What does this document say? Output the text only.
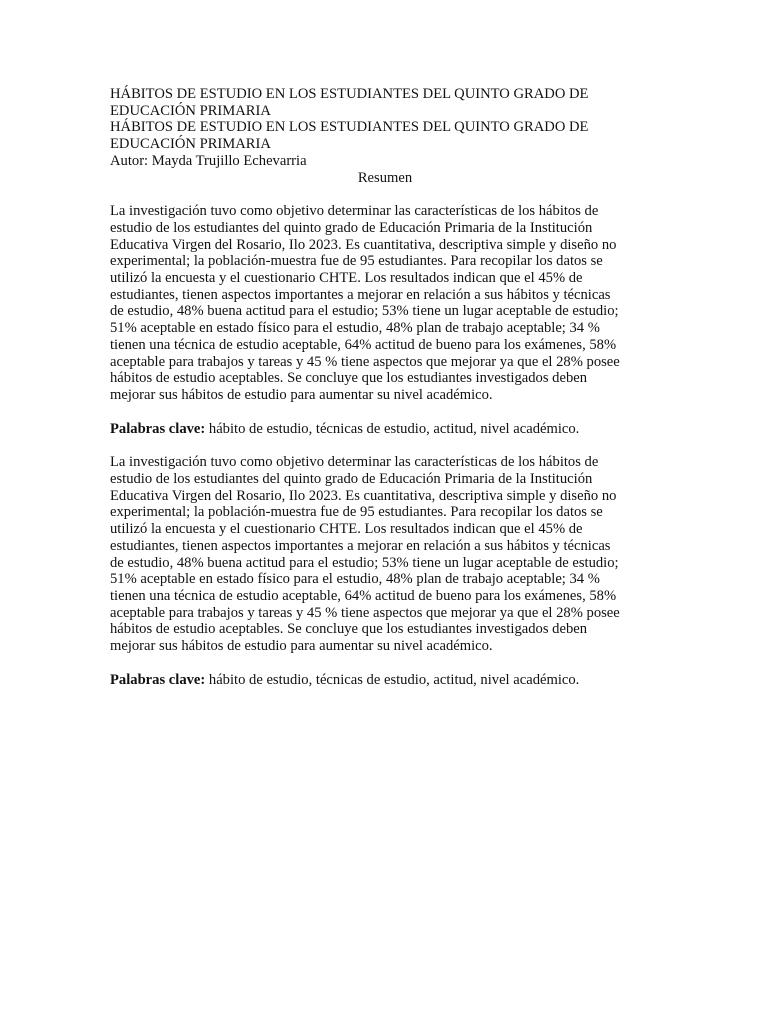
HÁBITOS DE ESTUDIO EN LOS ESTUDIANTES DEL QUINTO GRADO DE
EDUCACIÓN PRIMARIA
HÁBITOS DE ESTUDIO EN LOS ESTUDIANTES DEL QUINTO GRADO DE
EDUCACIÓN PRIMARIA
Autor: Mayda Trujillo Echevarria
Resumen
La investigación tuvo como objetivo determinar las características de los hábitos de
estudio de los estudiantes del quinto grado de Educación Primaria de la Institución
Educativa Virgen del Rosario, Ilo 2023. Es cuantitativa, descriptiva simple y diseño no
experimental; la población-muestra fue de 95 estudiantes. Para recopilar los datos se
utilizó la encuesta y el cuestionario CHTE. Los resultados indican que el 45% de
estudiantes, tienen aspectos importantes a mejorar en relación a sus hábitos y técnicas
de estudio, 48% buena actitud para el estudio; 53% tiene un lugar aceptable de estudio;
51% aceptable en estado físico para el estudio, 48% plan de trabajo aceptable; 34 %
tienen una técnica de estudio aceptable, 64% actitud de bueno para los exámenes, 58%
aceptable para trabajos y tareas y 45 % tiene aspectos que mejorar ya que el 28% posee
hábitos de estudio aceptables. Se concluye que los estudiantes investigados deben
mejorar sus hábitos de estudio para aumentar su nivel académico.
Palabras clave: hábito de estudio, técnicas de estudio, actitud, nivel académico.
La investigación tuvo como objetivo determinar las características de los hábitos de
estudio de los estudiantes del quinto grado de Educación Primaria de la Institución
Educativa Virgen del Rosario, Ilo 2023. Es cuantitativa, descriptiva simple y diseño no
experimental; la población-muestra fue de 95 estudiantes. Para recopilar los datos se
utilizó la encuesta y el cuestionario CHTE. Los resultados indican que el 45% de
estudiantes, tienen aspectos importantes a mejorar en relación a sus hábitos y técnicas
de estudio, 48% buena actitud para el estudio; 53% tiene un lugar aceptable de estudio;
51% aceptable en estado físico para el estudio, 48% plan de trabajo aceptable; 34 %
tienen una técnica de estudio aceptable, 64% actitud de bueno para los exámenes, 58%
aceptable para trabajos y tareas y 45 % tiene aspectos que mejorar ya que el 28% posee
hábitos de estudio aceptables. Se concluye que los estudiantes investigados deben
mejorar sus hábitos de estudio para aumentar su nivel académico.
Palabras clave: hábito de estudio, técnicas de estudio, actitud, nivel académico.
